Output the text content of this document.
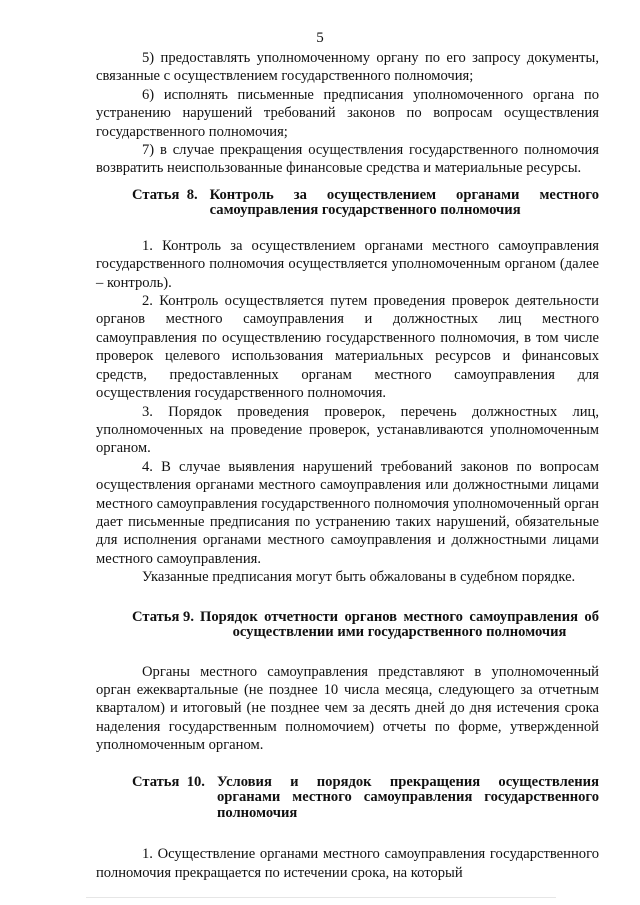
5

5) предоставлять уполномоченному органу по его запросу документы, связанные с осуществлением государственного полномочия;

6) исполнять письменные предписания уполномоченного органа по устранению нарушений требований законов по вопросам осуществления государственного полномочия;

7) в случае прекращения осуществления государственного полномочия возвратить неиспользованные финансовые средства и материальные ресурсы.

Статья  8. Контроль за осуществлением органами местного самоуправления государственного полномочия

1. Контроль за осуществлением органами местного самоуправления государственного полномочия осуществляется уполномоченным органом (далее – контроль).

2. Контроль осуществляется путем проведения проверок деятельности органов местного самоуправления и должностных лиц местного самоуправления по осуществлению государственного полномочия, в том числе проверок целевого использования материальных ресурсов и финансовых средств, предоставленных органам местного самоуправления для осуществления государственного полномочия.

3. Порядок проведения проверок, перечень должностных лиц, уполномоченных на проведение проверок, устанавливаются уполномоченным органом.

4. В случае выявления нарушений требований законов по вопросам осуществления органами местного самоуправления или должностными лицами местного самоуправления государственного полномочия уполномоченный орган дает письменные предписания по устранению таких нарушений, обязательные для исполнения органами местного самоуправления и должностными лицами местного самоуправления.

Указанные предписания могут быть обжалованы в судебном порядке.

Статья 9. Порядок отчетности органов местного самоуправления об осуществлении ими государственного полномочия

Органы местного самоуправления представляют в уполномоченный орган ежеквартальные (не позднее 10 числа месяца, следующего за отчетным кварталом) и итоговый (не позднее чем за десять дней до дня истечения срока наделения государственным полномочием) отчеты по форме, утвержденной уполномоченным органом.

Статья  10. Условия и порядок прекращения осуществления органами местного самоуправления государственного полномочия

1. Осуществление органами местного самоуправления государственного полномочия прекращается по истечении срока, на который
